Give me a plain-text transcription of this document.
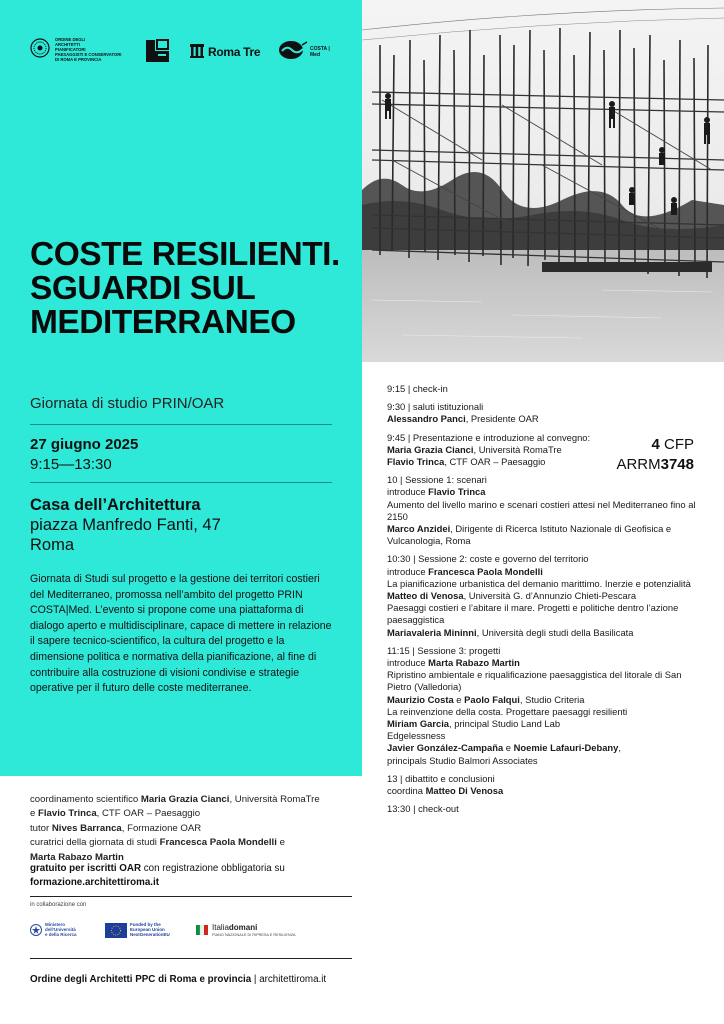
ORDINE DEGLI
ARCHITETTI
PIANIFICATORI
PAESAGGISTI E CONSERVATORI
DI ROMA E PROVINCIA
Roma Tre	COSTA | Med
COSTE RESILIENTI. SGUARDI SUL MEDITERRANEO
Giornata di studio PRIN/OAR
27 giugno 2025
9:15—13:30
4 CFP
ARRM3748
Casa dell’Architettura
piazza Manfredo Fanti, 47
Roma
Giornata di Studi sul progetto e la gestione dei territori costieri del Mediterraneo, promossa nell’ambito del progetto PRIN COSTA|Med. L’evento si propone come una piattaforma di dialogo aperto e multidisciplinare, capace di mettere in relazione il sapere tecnico-scientifico, la cultura del progetto e la dimensione politica e normativa della pianificazione, al fine di contribuire alla costruzione di visioni condivise e strategie operative per il futuro delle coste mediterranee.
9:15 | check-in
9:30 | saluti istituzionali
Alessandro Panci, Presidente OAR
9:45 | Presentazione e introduzione al convegno:
Maria Grazia Cianci, Università RomaTre
Flavio Trinca, CTF OAR – Paesaggio
10 | Sessione 1: scenari
introduce Flavio Trinca
Aumento del livello marino e scenari costieri attesi nel Mediterraneo fino al 2150
Marco Anzidei, Dirigente di Ricerca Istituto Nazionale di Geofisica e Vulcanologia, Roma
10:30 | Sessione 2: coste e governo del territorio
introduce Francesca Paola Mondelli
La pianificazione urbanistica del demanio marittimo. Inerzie e potenzialità
Matteo di Venosa, Università G. d’Annunzio Chieti-Pescara
Paesaggi costieri e l’abitare il mare. Progetti e politiche dentro l’azione paesaggistica
Mariavaleria Mininni, Università degli studi della Basilicata
11:15 | Sessione 3: progetti
introduce Marta Rabazo Martin
Ripristino ambientale e riqualificazione paesaggistica del litorale di San Pietro (Valledoria)
Maurizio Costa e Paolo Falqui, Studio Criteria
La reinvenzione della costa. Progettare paesaggi resilienti
Miriam Garcia, principal Studio Land Lab
Edgelessness
Javier González-Campaña e Noemie Lafauri-Debany,
principals Studio Balmori Associates
13 | dibattito e conclusioni
coordina Matteo Di Venosa
13:30 | check-out
coordinamento scientifico Maria Grazia Cianci, Università RomaTre
e Flavio Trinca, CTF OAR – Paesaggio
tutor Nives Barranca, Formazione OAR
curatrici della giornata di studi Francesca Paola Mondelli e
Marta Rabazo Martin
gratuito per iscritti OAR con registrazione obbligatoria su
formazione.architettiroma.it
in collaborazione con
Ministero
dell’Università
e della Ricerca
Funded by the
European Union
NextGenerationEU
Italiadomani
PIANO NAZIONALE DI RIPRESA E RESILIENZA
Ordine degli Architetti PPC di Roma e provincia | architettiroma.it
